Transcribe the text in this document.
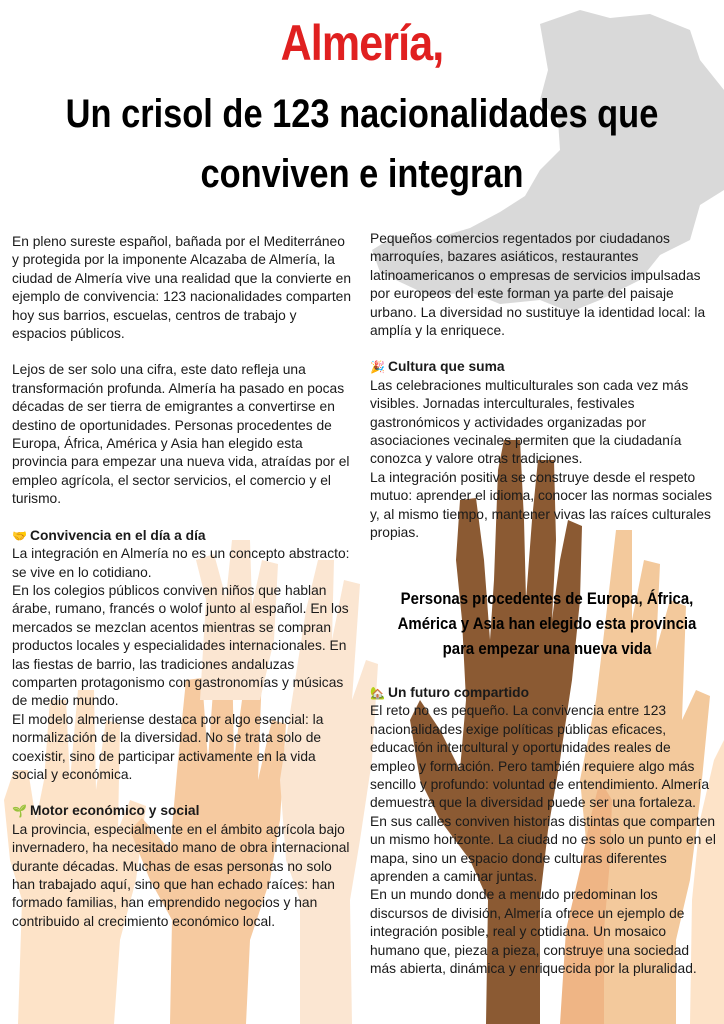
Almería,
Un crisol de 123 nacionalidades que conviven e integran

En pleno sureste español, bañada por el Mediterráneo y protegida por la imponente Alcazaba de Almería, la ciudad de Almería vive una realidad que la convierte en ejemplo de convivencia: 123 nacionalidades comparten hoy sus barrios, escuelas, centros de trabajo y espacios públicos.

Lejos de ser solo una cifra, este dato refleja una transformación profunda. Almería ha pasado en pocas décadas de ser tierra de emigrantes a convertirse en destino de oportunidades. Personas procedentes de Europa, África, América y Asia han elegido esta provincia para empezar una nueva vida, atraídas por el empleo agrícola, el sector servicios, el comercio y el turismo.

🤝 Convivencia en el día a día

La integración en Almería no es un concepto abstracto: se vive en lo cotidiano.

En los colegios públicos conviven niños que hablan árabe, rumano, francés o wolof junto al español. En los mercados se mezclan acentos mientras se compran productos locales y especialidades internacionales. En las fiestas de barrio, las tradiciones andaluzas comparten protagonismo con gastronomías y músicas de medio mundo.

El modelo almeriense destaca por algo esencial: la normalización de la diversidad. No se trata solo de coexistir, sino de participar activamente en la vida social y económica.

🌱 Motor económico y social

La provincia, especialmente en el ámbito agrícola bajo invernadero, ha necesitado mano de obra internacional durante décadas. Muchas de esas personas no solo han trabajado aquí, sino que han echado raíces: han formado familias, han emprendido negocios y han contribuido al crecimiento económico local.

Pequeños comercios regentados por ciudadanos marroquíes, bazares asiáticos, restaurantes latinoamericanos o empresas de servicios impulsadas por europeos del este forman ya parte del paisaje urbano. La diversidad no sustituye la identidad local: la amplía y la enriquece.

🎉 Cultura que suma

Las celebraciones multiculturales son cada vez más visibles. Jornadas interculturales, festivales gastronómicos y actividades organizadas por asociaciones vecinales permiten que la ciudadanía conozca y valore otras tradiciones.

La integración positiva se construye desde el respeto mutuo: aprender el idioma, conocer las normas sociales y, al mismo tiempo, mantener vivas las raíces culturales propias.

Personas procedentes de Europa, África, América y Asia han elegido esta provincia para empezar una nueva vida

🏡 Un futuro compartido

El reto no es pequeño. La convivencia entre 123 nacionalidades exige políticas públicas eficaces, educación intercultural y oportunidades reales de empleo y formación. Pero también requiere algo más sencillo y profundo: voluntad de entendimiento. Almería demuestra que la diversidad puede ser una fortaleza. En sus calles conviven historias distintas que comparten un mismo horizonte. La ciudad no es solo un punto en el mapa, sino un espacio donde culturas diferentes aprenden a caminar juntas.

En un mundo donde a menudo predominan los discursos de división, Almería ofrece un ejemplo de integración posible, real y cotidiana. Un mosaico humano que, pieza a pieza, construye una sociedad más abierta, dinámica y enriquecida por la pluralidad.
